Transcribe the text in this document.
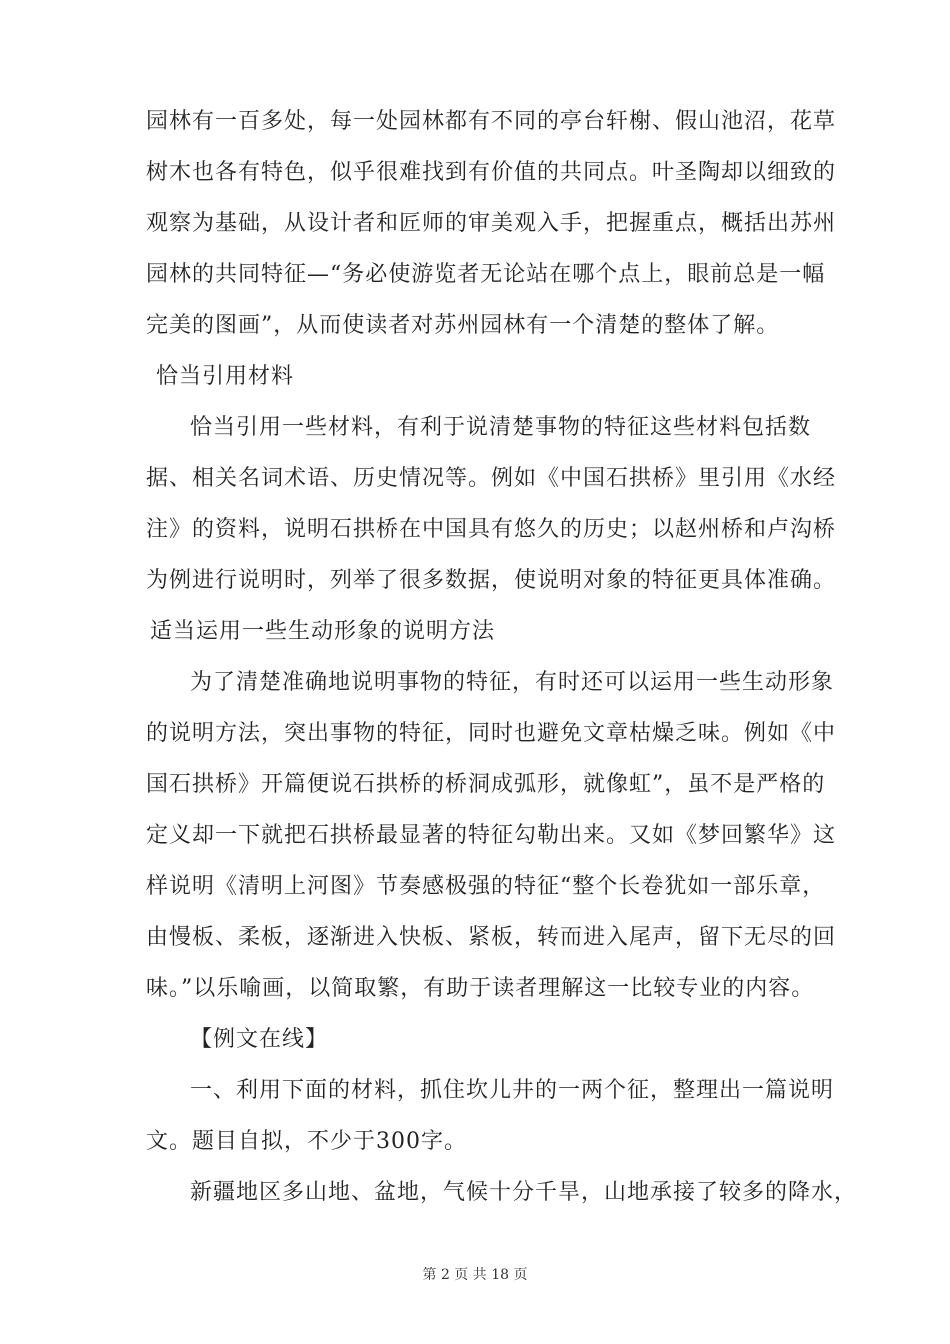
园林有一百多处，每一处园林都有不同的亭台轩榭、假山池沼，花草
树木也各有特色，似乎很难找到有价值的共同点。叶圣陶却以细致的
观察为基础，从设计者和匠师的审美观入手，把握重点，概括出苏州
园林的共同特征—“务必使游览者无论站在哪个点上，眼前总是一幅
完美的图画”，从而使读者对苏州园林有一个清楚的整体了解。
恰当引用材料
恰当引用一些材料，有利于说清楚事物的特征这些材料包括数
据、相关名词术语、历史情况等。例如《中国石拱桥》里引用《水经
注》的资料，说明石拱桥在中国具有悠久的历史；以赵州桥和卢沟桥
为例进行说明时，列举了很多数据，使说明对象的特征更具体准确。
适当运用一些生动形象的说明方法
为了清楚准确地说明事物的特征，有时还可以运用一些生动形象
的说明方法，突出事物的特征，同时也避免文章枯燥乏味。例如《中
国石拱桥》开篇便说石拱桥的桥洞成弧形，就像虹”，虽不是严格的
定义却一下就把石拱桥最显著的特征勾勒出来。又如《梦回繁华》这
样说明《清明上河图》节奏感极强的特征“整个长卷犹如一部乐章，
由慢板、柔板，逐渐进入快板、紧板，转而进入尾声，留下无尽的回
味。”以乐喻画，以简取繁，有助于读者理解这一比较专业的内容。
【例文在线】
一、利用下面的材料，抓住坎儿井的一两个征，整理出一篇说明
文。题目自拟，不少于300字。
新疆地区多山地、盆地，气候十分千旱，山地承接了较多的降水，
第 2 页 共 18 页
